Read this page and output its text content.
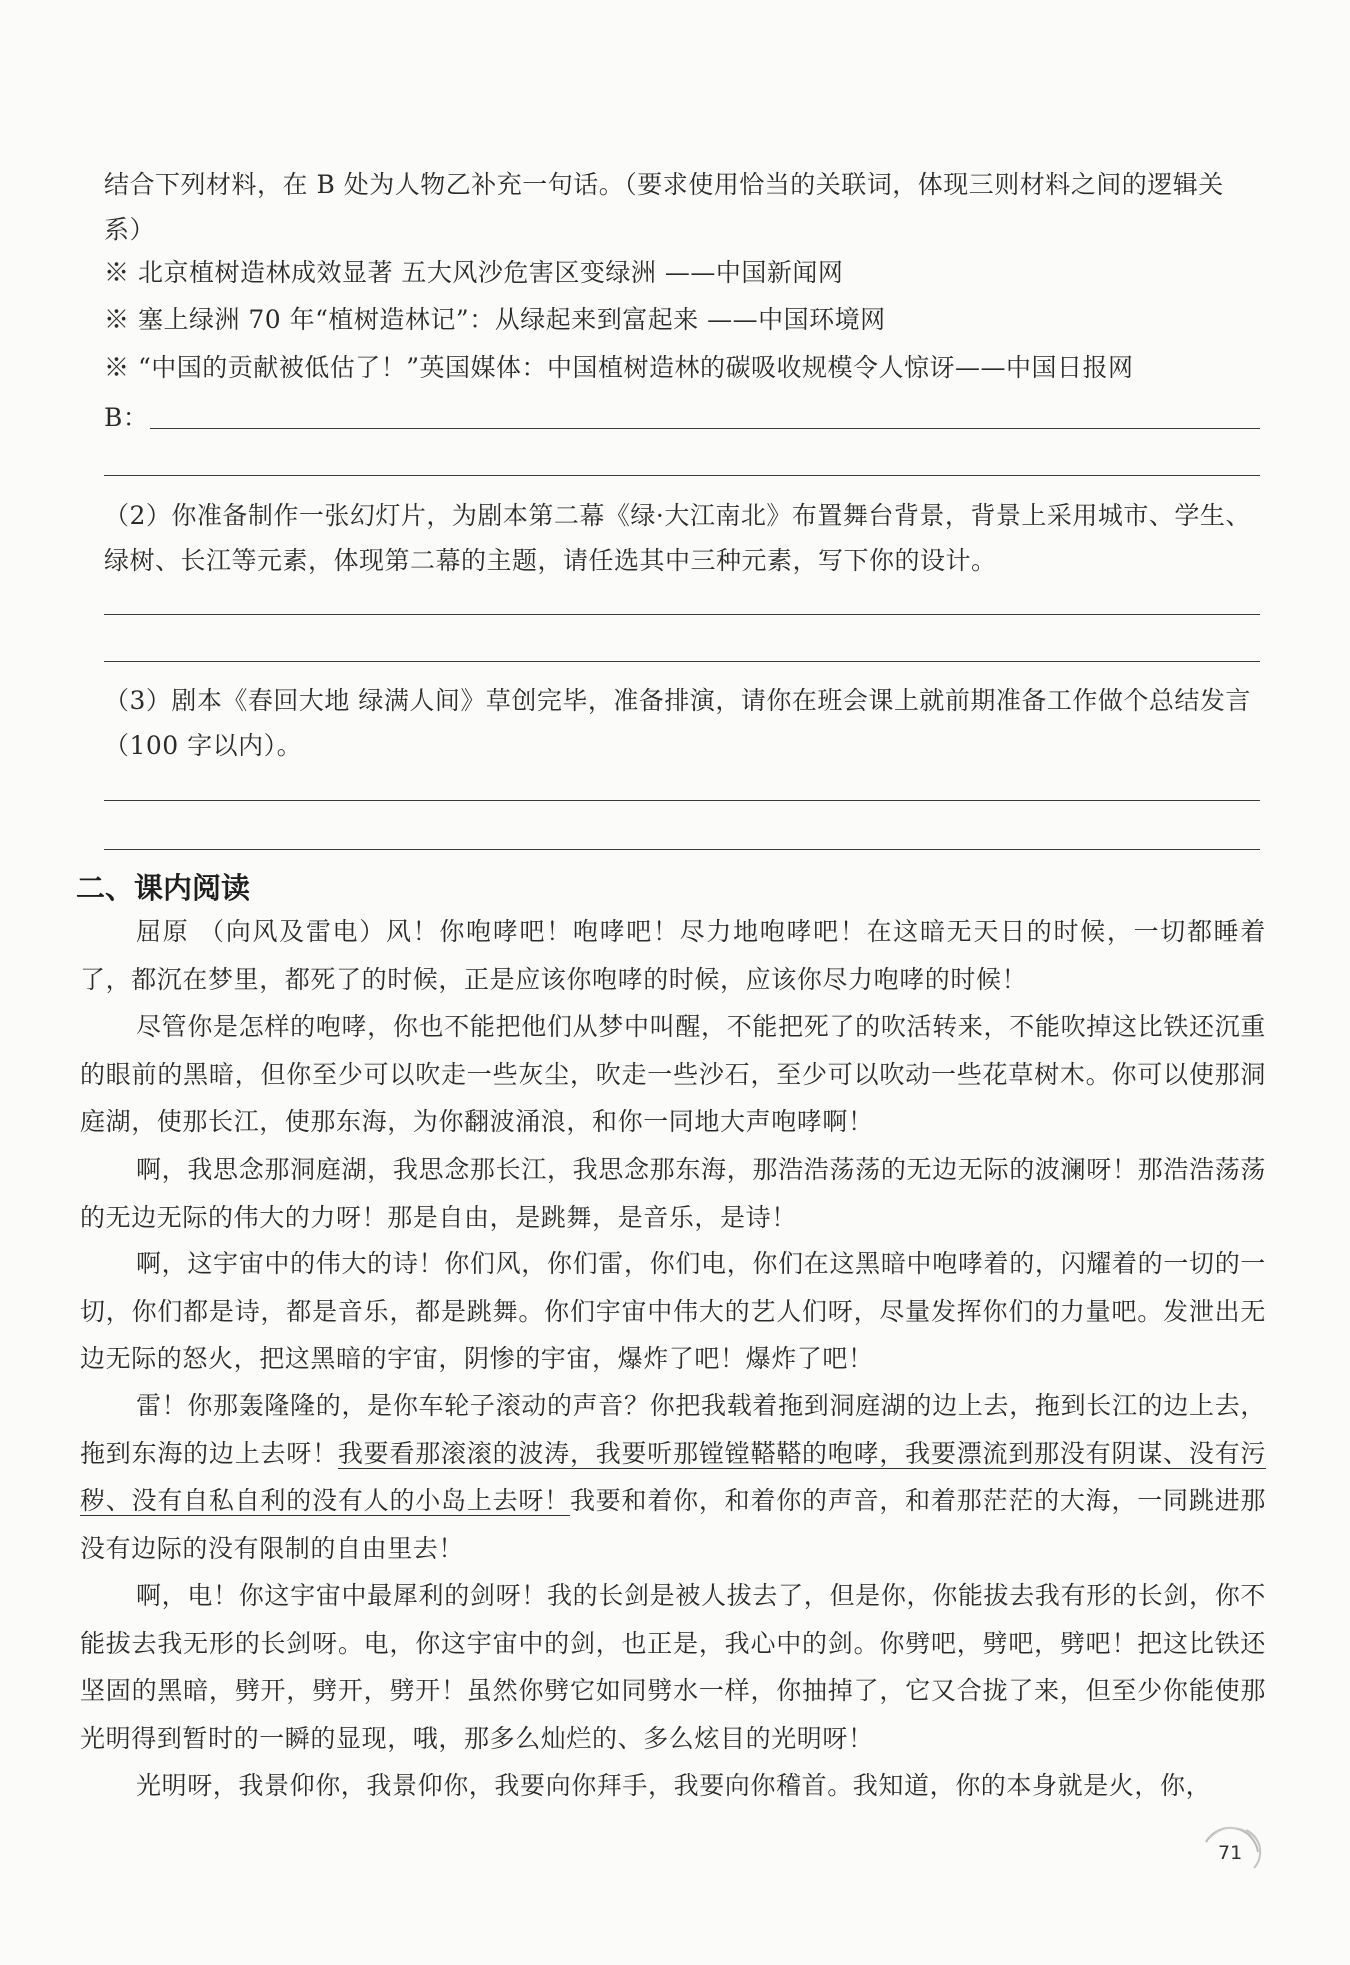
结合下列材料，在 B 处为人物乙补充一句话。（要求使用恰当的关联词，体现三则材料之间的逻辑关系）
※ 北京植树造林成效显著 五大风沙危害区变绿洲 ——中国新闻网
※ 塞上绿洲 70 年“植树造林记”：从绿起来到富起来 ——中国环境网
※ “中国的贡献被低估了！”英国媒体：中国植树造林的碳吸收规模令人惊讶——中国日报网
B：
（2）你准备制作一张幻灯片，为剧本第二幕《绿·大江南北》布置舞台背景，背景上采用城市、学生、绿树、长江等元素，体现第二幕的主题，请任选其中三种元素，写下你的设计。
（3）剧本《春回大地 绿满人间》草创完毕，准备排演，请你在班会课上就前期准备工作做个总结发言（100 字以内）。
二、课内阅读
屈原 （向风及雷电）风！你咆哮吧！咆哮吧！尽力地咆哮吧！在这暗无天日的时候，一切都睡着了，都沉在梦里，都死了的时候，正是应该你咆哮的时候，应该你尽力咆哮的时候！
尽管你是怎样的咆哮，你也不能把他们从梦中叫醒，不能把死了的吹活转来，不能吹掉这比铁还沉重的眼前的黑暗，但你至少可以吹走一些灰尘，吹走一些沙石，至少可以吹动一些花草树木。你可以使那洞庭湖，使那长江，使那东海，为你翻波涌浪，和你一同地大声咆哮啊！
啊，我思念那洞庭湖，我思念那长江，我思念那东海，那浩浩荡荡的无边无际的波澜呀！那浩浩荡荡的无边无际的伟大的力呀！那是自由，是跳舞，是音乐，是诗！
啊，这宇宙中的伟大的诗！你们风，你们雷，你们电，你们在这黑暗中咆哮着的，闪耀着的一切的一切，你们都是诗，都是音乐，都是跳舞。你们宇宙中伟大的艺人们呀，尽量发挥你们的力量吧。发泄出无边无际的怒火，把这黑暗的宇宙，阴惨的宇宙，爆炸了吧！爆炸了吧！
雷！你那轰隆隆的，是你车轮子滚动的声音？你把我载着拖到洞庭湖的边上去，拖到长江的边上去，拖到东海的边上去呀！我要看那滚滚的波涛，我要听那镗镗鞳鞳的咆哮，我要漂流到那没有阴谋、没有污秽、没有自私自利的没有人的小岛上去呀！我要和着你，和着你的声音，和着那茫茫的大海，一同跳进那没有边际的没有限制的自由里去！
啊，电！你这宇宙中最犀利的剑呀！我的长剑是被人拔去了，但是你，你能拔去我有形的长剑，你不能拔去我无形的长剑呀。电，你这宇宙中的剑，也正是，我心中的剑。你劈吧，劈吧，劈吧！把这比铁还坚固的黑暗，劈开，劈开，劈开！虽然你劈它如同劈水一样，你抽掉了，它又合拢了来，但至少你能使那光明得到暂时的一瞬的显现，哦，那多么灿烂的、多么炫目的光明呀！
光明呀，我景仰你，我景仰你，我要向你拜手，我要向你稽首。我知道，你的本身就是火，你，
71
